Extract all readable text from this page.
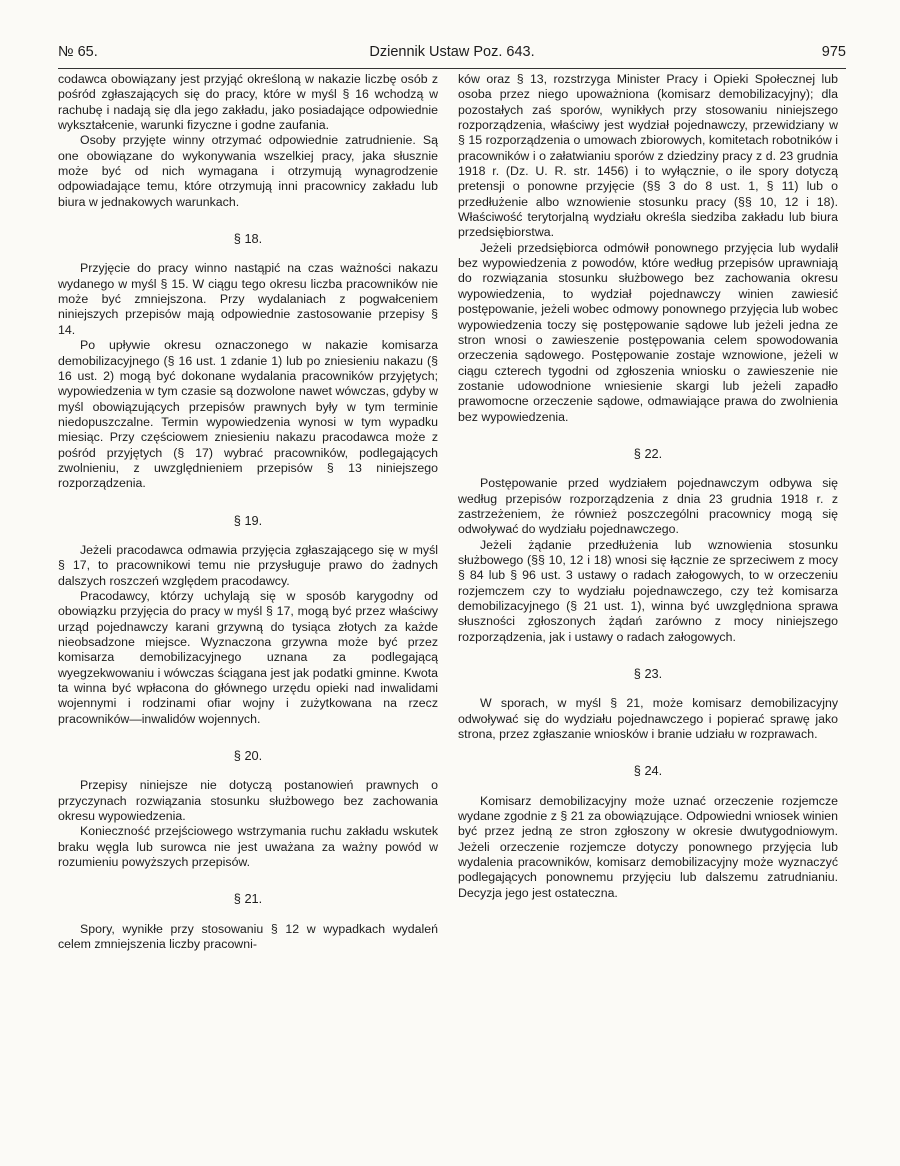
№ 65.	Dziennik Ustaw Poz. 643.	975

codawca obowiązany jest przyjąć określoną w nakazie liczbę osób z pośród zgłaszających się do pracy, które w myśl § 16 wchodzą w rachubę i nadają się dla jego zakładu, jako posiadające odpowiednie wykształcenie, warunki fizyczne i godne zaufania.

Osoby przyjęte winny otrzymać odpowiednie zatrudnienie. Są one obowiązane do wykonywania wszelkiej pracy, jaka słusznie może być od nich wymagana i otrzymują wynagrodzenie odpowiadające temu, które otrzymują inni pracownicy zakładu lub biura w jednakowych warunkach.

§ 18.

Przyjęcie do pracy winno nastąpić na czas ważności nakazu wydanego w myśl § 15. W ciągu tego okresu liczba pracowników nie może być zmniejszona. Przy wydalaniach z pogwałceniem niniejszych przepisów mają odpowiednie zastosowanie przepisy § 14.

Po upływie okresu oznaczonego w nakazie komisarza demobilizacyjnego (§ 16 ust. 1 zdanie 1) lub po zniesieniu nakazu (§ 16 ust. 2) mogą być dokonane wydalania pracowników przyjętych; wypowiedzenia w tym czasie są dozwolone nawet wówczas, gdyby w myśl obowiązujących przepisów prawnych były w tym terminie niedopuszczalne. Termin wypowiedzenia wynosi w tym wypadku miesiąc. Przy częściowem zniesieniu nakazu pracodawca może z pośród przyjętych (§ 17) wybrać pracowników, podlegających zwolnieniu, z uwzględnieniem przepisów § 13 niniejszego rozporządzenia.

§ 19.

Jeżeli pracodawca odmawia przyjęcia zgłaszającego się w myśl § 17, to pracownikowi temu nie przysługuje prawo do żadnych dalszych roszczeń względem pracodawcy.

Pracodawcy, którzy uchylają się w sposób karygodny od obowiązku przyjęcia do pracy w myśl § 17, mogą być przez właściwy urząd pojednawczy karani grzywną do tysiąca złotych za każde nieobsadzone miejsce. Wyznaczona grzywna może być przez komisarza demobilizacyjnego uznana za podlegającą wyegzekwowaniu i wówczas ściągana jest jak podatki gminne. Kwota ta winna być wpłacona do głównego urzędu opieki nad inwalidami wojennymi i rodzinami ofiar wojny i zużytkowana na rzecz pracowników—inwalidów wojennych.

§ 20.

Przepisy niniejsze nie dotyczą postanowień prawnych o przyczynach rozwiązania stosunku służbowego bez zachowania okresu wypowiedzenia.

Konieczność przejściowego wstrzymania ruchu zakładu wskutek braku węgla lub surowca nie jest uważana za ważny powód w rozumieniu powyższych przepisów.

§ 21.

Spory, wynikłe przy stosowaniu § 12 w wypadkach wydaleń celem zmniejszenia liczby pracowni-

ków oraz § 13, rozstrzyga Minister Pracy i Opieki Społecznej lub osoba przez niego upoważniona (komisarz demobilizacyjny); dla pozostałych zaś sporów, wynikłych przy stosowaniu niniejszego rozporządzenia, właściwy jest wydział pojednawczy, przewidziany w § 15 rozporządzenia o umowach zbiorowych, komitetach robotników i pracowników i o załatwianiu sporów z dziedziny pracy z d. 23 grudnia 1918 r. (Dz. U. R. str. 1456) i to wyłącznie, o ile spory dotyczą pretensji o ponowne przyjęcie (§§ 3 do 8 ust. 1, § 11) lub o przedłużenie albo wznowienie stosunku pracy (§§ 10, 12 i 18). Właściwość terytorjalną wydziału określa siedziba zakładu lub biura przedsiębiorstwa.

Jeżeli przedsiębiorca odmówił ponownego przyjęcia lub wydalił bez wypowiedzenia z powodów, które według przepisów uprawniają do rozwiązania stosunku służbowego bez zachowania okresu wypowiedzenia, to wydział pojednawczy winien zawiesić postępowanie, jeżeli wobec odmowy ponownego przyjęcia lub wobec wypowiedzenia toczy się postępowanie sądowe lub jeżeli jedna ze stron wnosi o zawieszenie postępowania celem spowodowania orzeczenia sądowego. Postępowanie zostaje wznowione, jeżeli w ciągu czterech tygodni od zgłoszenia wniosku o zawieszenie nie zostanie udowodnione wniesienie skargi lub jeżeli zapadło prawomocne orzeczenie sądowe, odmawiające prawa do zwolnienia bez wypowiedzenia.

§ 22.

Postępowanie przed wydziałem pojednawczym odbywa się według przepisów rozporządzenia z dnia 23 grudnia 1918 r. z zastrzeżeniem, że również poszczególni pracownicy mogą się odwoływać do wydziału pojednawczego.

Jeżeli żądanie przedłużenia lub wznowienia stosunku służbowego (§§ 10, 12 i 18) wnosi się łącznie ze sprzeciwem z mocy § 84 lub § 96 ust. 3 ustawy o radach załogowych, to w orzeczeniu rozjemczem czy to wydziału pojednawczego, czy też komisarza demobilizacyjnego (§ 21 ust. 1), winna być uwzględniona sprawa słuszności zgłoszonych żądań zarówno z mocy niniejszego rozporządzenia, jak i ustawy o radach załogowych.

§ 23.

W sporach, w myśl § 21, może komisarz demobilizacyjny odwoływać się do wydziału pojednawczego i popierać sprawę jako strona, przez zgłaszanie wniosków i branie udziału w rozprawach.

§ 24.

Komisarz demobilizacyjny może uznać orzeczenie rozjemcze wydane zgodnie z § 21 za obowiązujące. Odpowiedni wniosek winien być przez jedną ze stron zgłoszony w okresie dwutygodniowym. Jeżeli orzeczenie rozjemcze dotyczy ponownego przyjęcia lub wydalenia pracowników, komisarz demobilizacyjny może wyznaczyć podlegających ponownemu przyjęciu lub dalszemu zatrudnianiu. Decyzja jego jest ostateczna.
